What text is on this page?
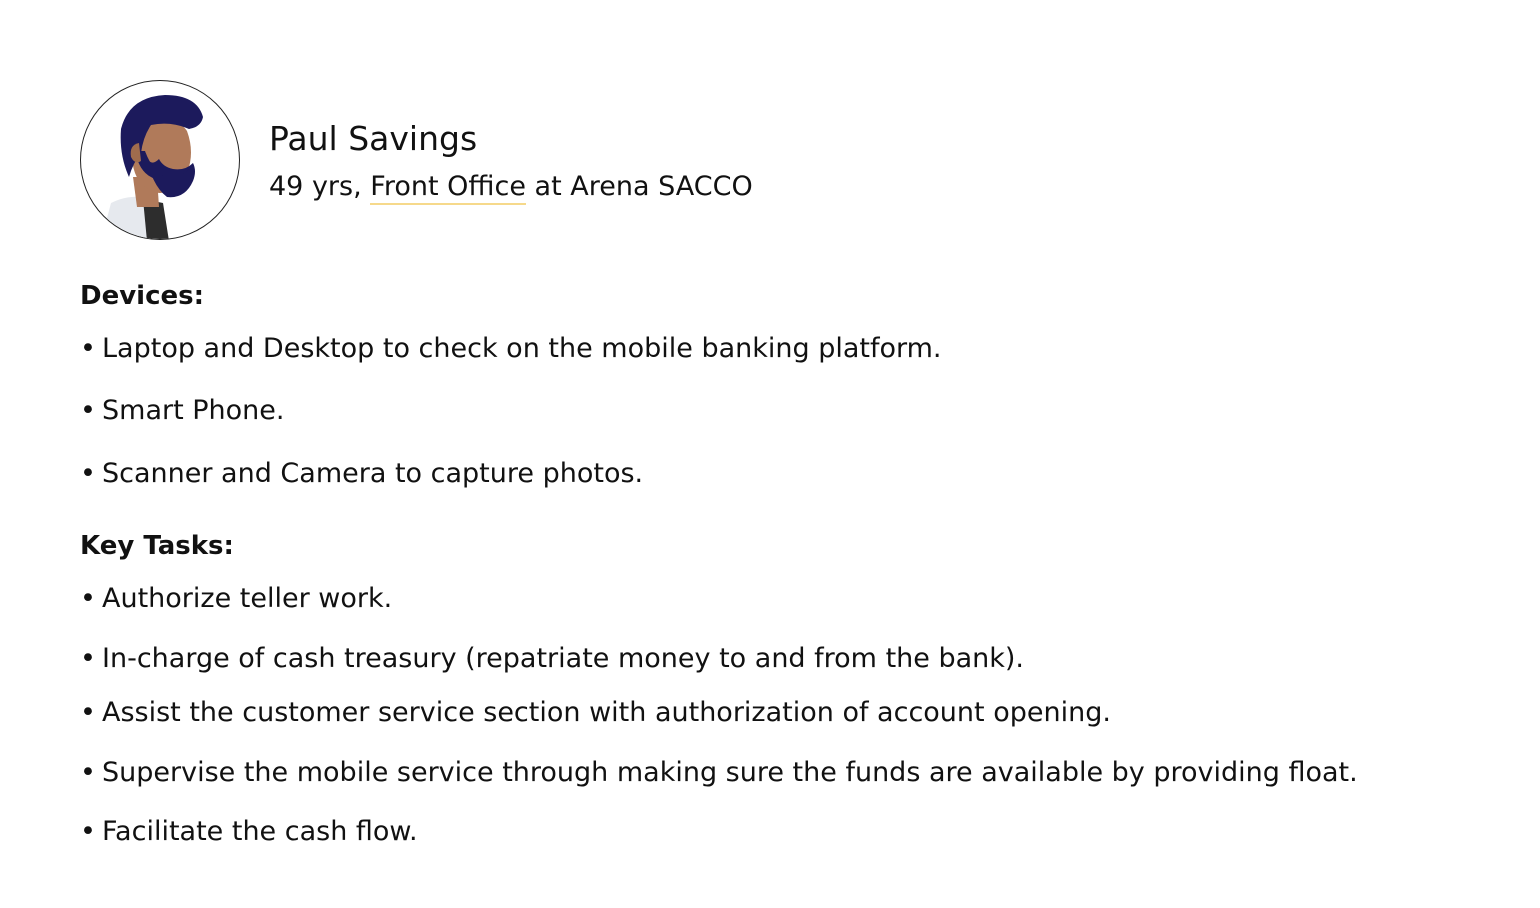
Paul Savings
49 yrs, Front Office at Arena SACCO
Devices:
• Laptop and Desktop to check on the mobile banking platform.
• Smart Phone.
• Scanner and Camera to capture photos.
Key Tasks:
• Authorize teller work.
• In-charge of cash treasury (repatriate money to and from the bank).
• Assist the customer service section with authorization of account opening.
• Supervise the mobile service through making sure the funds are available by providing float.
• Facilitate the cash flow.
